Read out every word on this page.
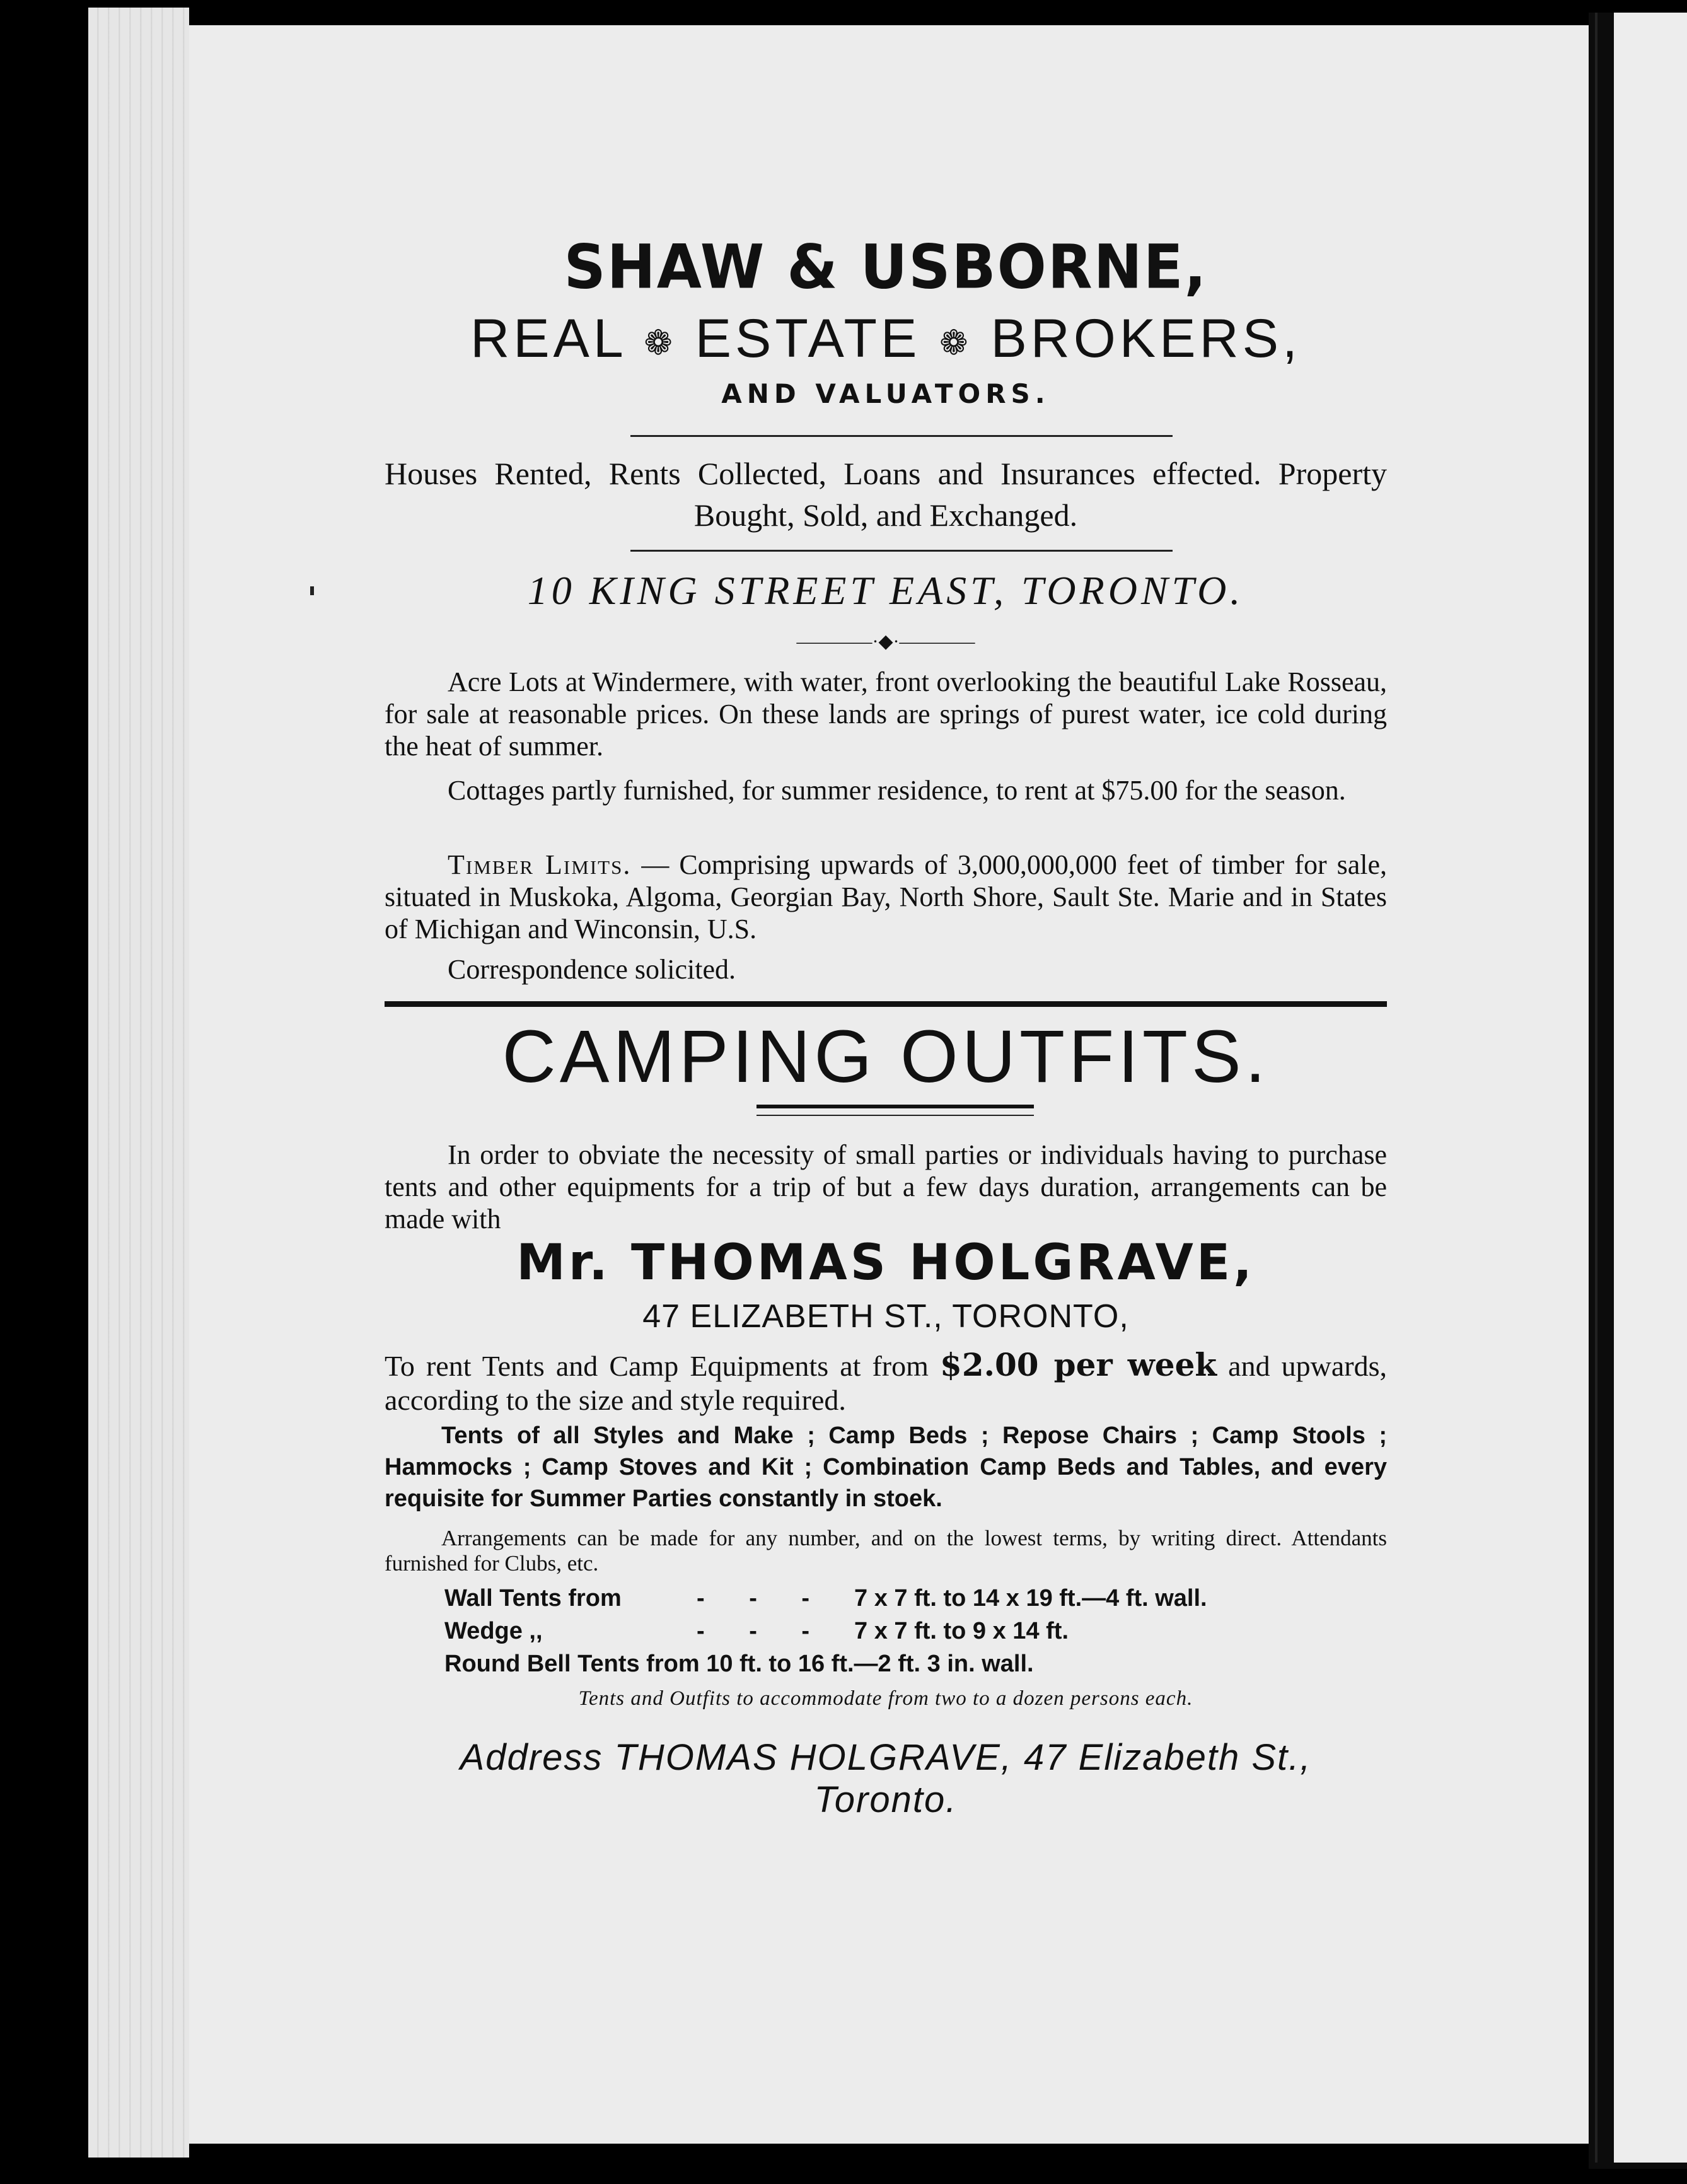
SHAW & USBORNE,
REAL ❁ ESTATE ❁ BROKERS,
AND VALUATORS.
Houses Rented, Rents Collected, Loans and Insurances effected. Property Bought, Sold, and Exchanged.
10 KING STREET EAST, TORONTO.
————·◆·————
Acre Lots at Windermere, with water, front overlooking the beautiful Lake Rosseau, for sale at reasonable prices. On these lands are springs of purest water, ice cold during the heat of summer.
Cottages partly furnished, for summer residence, to rent at $75.00 for the season.
Timber Limits. — Comprising upwards of 3,000,000,000 feet of timber for sale, situated in Muskoka, Algoma, Georgian Bay, North Shore, Sault Ste. Marie and in States of Michigan and Winconsin, U.S.
Correspondence solicited.
CAMPING OUTFITS.
In order to obviate the necessity of small parties or individuals having to purchase tents and other equipments for a trip of but a few days duration, arrangements can be made with
Mr. THOMAS HOLGRAVE,
47 ELIZABETH ST., TORONTO,
To rent Tents and Camp Equipments at from $2.00 per week and upwards, according to the size and style required.
Tents of all Styles and Make ; Camp Beds ; Repose Chairs ; Camp Stools ; Hammocks ; Camp Stoves and Kit ; Combination Camp Beds and Tables, and every requisite for Summer Parties constantly in stoek.
Arrangements can be made for any number, and on the lowest terms, by writing direct. Attendants furnished for Clubs, etc.
Wall Tents from	- - - 7 x 7 ft. to 14 x 19 ft.—4 ft. wall.
Wedge ,,	- - - 7 x 7 ft. to 9 x 14 ft.
Round Bell Tents from 10 ft. to 16 ft.—2 ft. 3 in. wall.
Tents and Outfits to accommodate from two to a dozen persons each.
Address THOMAS HOLGRAVE, 47 Elizabeth St., Toronto.
